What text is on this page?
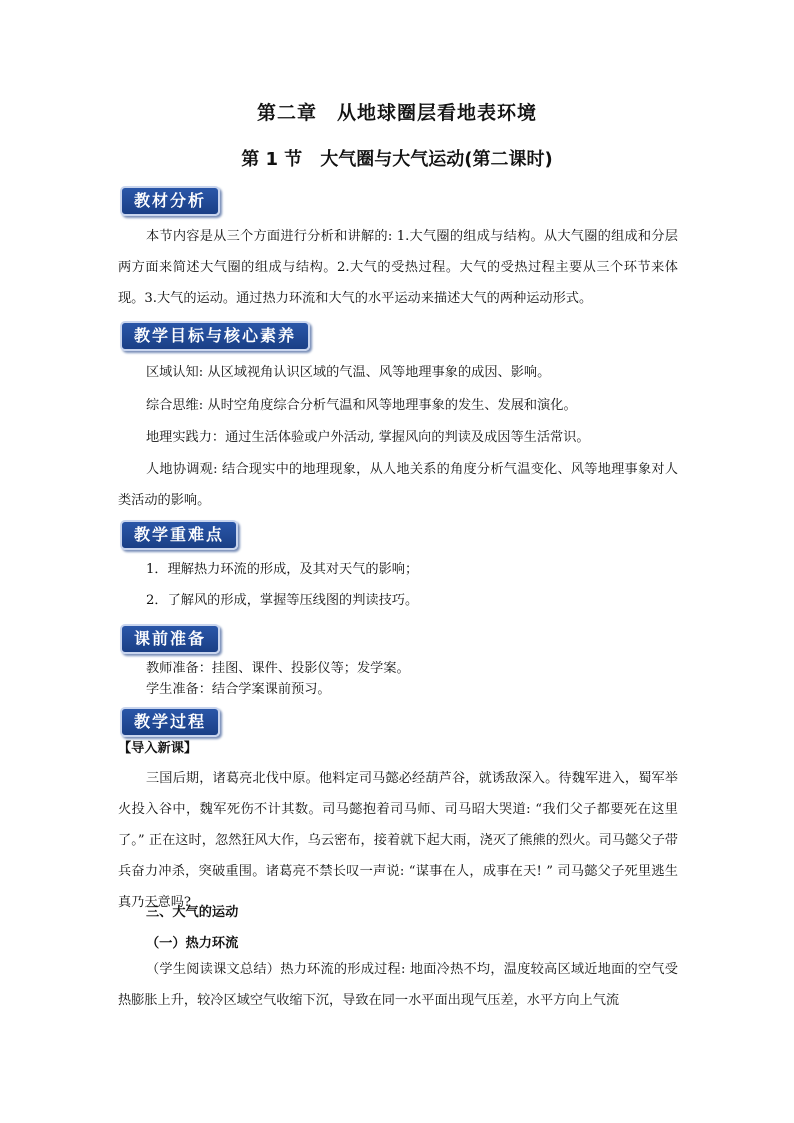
第二章　从地球圈层看地表环境
第 1 节　大气圈与大气运动(第二课时)
教材分析
本节内容是从三个方面进行分析和讲解的: 1.大气圈的组成与结构。从大气圈的组成和分层两方面来简述大气圈的组成与结构。2.大气的受热过程。大气的受热过程主要从三个环节来体现。3.大气的运动。通过热力环流和大气的水平运动来描述大气的两种运动形式。
教学目标与核心素养
区域认知: 从区域视角认识区域的气温、风等地理事象的成因、影响。
综合思维: 从时空角度综合分析气温和风等地理事象的发生、发展和演化。
地理实践力：通过生活体验或户外活动, 掌握风向的判读及成因等生活常识。
人地协调观: 结合现实中的地理现象，从人地关系的角度分析气温变化、风等地理事象对人类活动的影响。
教学重难点
1．理解热力环流的形成，及其对天气的影响；
2．了解风的形成，掌握等压线图的判读技巧。
课前准备
教师准备：挂图、课件、投影仪等；发学案。
学生准备：结合学案课前预习。
教学过程
【导入新课】
三国后期，诸葛亮北伐中原。他料定司马懿必经葫芦谷，就诱敌深入。待魏军进入，蜀军举火投入谷中，魏军死伤不计其数。司马懿抱着司马师、司马昭大哭道: “我们父子都要死在这里了。” 正在这时，忽然狂风大作，乌云密布，接着就下起大雨，浇灭了熊熊的烈火。司马懿父子带兵奋力冲杀，突破重围。诸葛亮不禁长叹一声说: “谋事在人，成事在天! ” 司马懿父子死里逃生真乃天意吗?
三、大气的运动
（一）热力环流
（学生阅读课文总结）热力环流的形成过程: 地面冷热不均，温度较高区域近地面的空气受热膨胀上升，较冷区域空气收缩下沉，导致在同一水平面出现气压差，水平方向上气流
